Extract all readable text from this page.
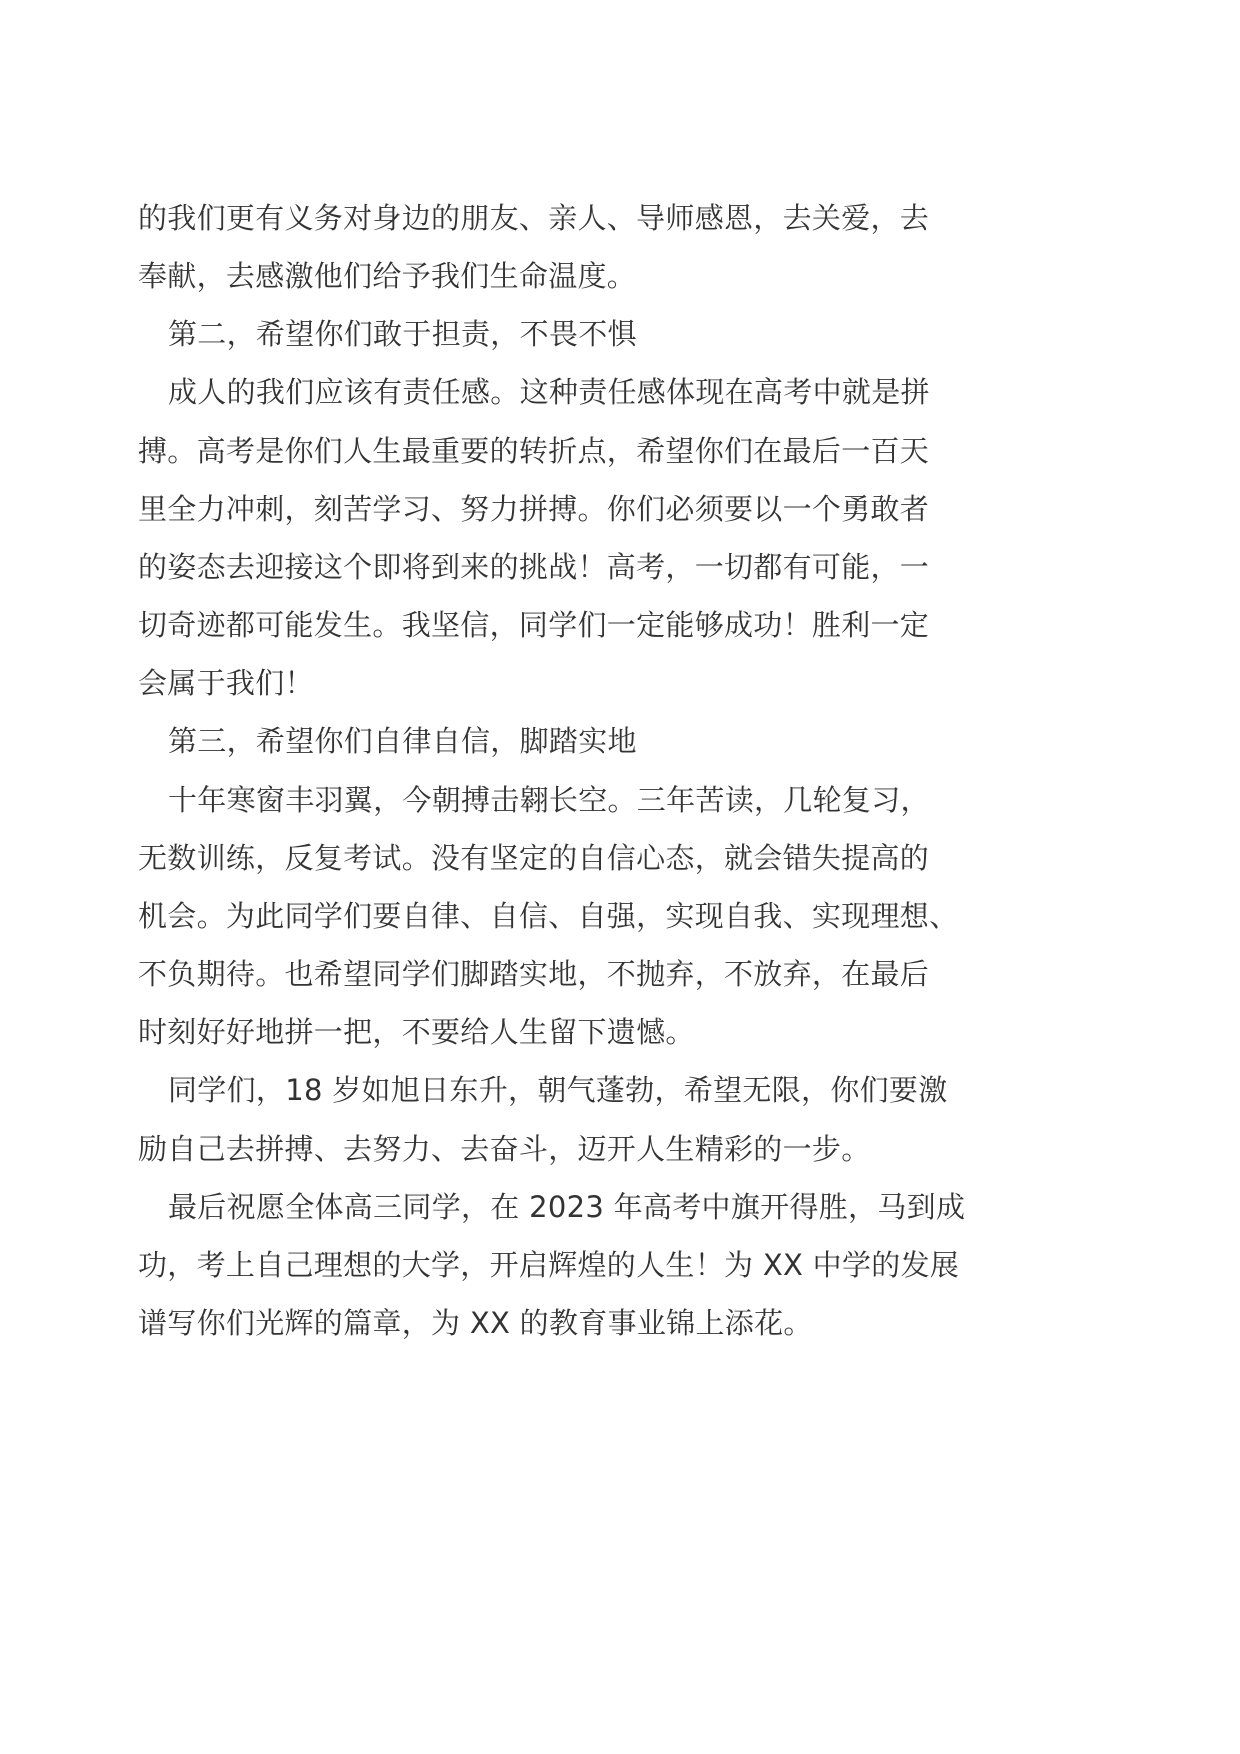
的我们更有义务对身边的朋友、亲人、导师感恩，去关爱，去
奉献，去感激他们给予我们生命温度。
第二，希望你们敢于担责，不畏不惧
成人的我们应该有责任感。这种责任感体现在高考中就是拼
搏。高考是你们人生最重要的转折点，希望你们在最后一百天
里全力冲刺，刻苦学习、努力拼搏。你们必须要以一个勇敢者
的姿态去迎接这个即将到来的挑战！高考，一切都有可能，一
切奇迹都可能发生。我坚信，同学们一定能够成功！胜利一定
会属于我们！
第三，希望你们自律自信，脚踏实地
十年寒窗丰羽翼，今朝搏击翱长空。三年苦读，几轮复习，
无数训练，反复考试。没有坚定的自信心态，就会错失提高的
机会。为此同学们要自律、自信、自强，实现自我、实现理想、
不负期待。也希望同学们脚踏实地，不抛弃，不放弃，在最后
时刻好好地拼一把，不要给人生留下遗憾。
同学们，18 岁如旭日东升，朝气蓬勃，希望无限，你们要激
励自己去拼搏、去努力、去奋斗，迈开人生精彩的一步。
最后祝愿全体高三同学，在 2023 年高考中旗开得胜，马到成
功，考上自己理想的大学，开启辉煌的人生！为 XX 中学的发展
谱写你们光辉的篇章，为 XX 的教育事业锦上添花。
